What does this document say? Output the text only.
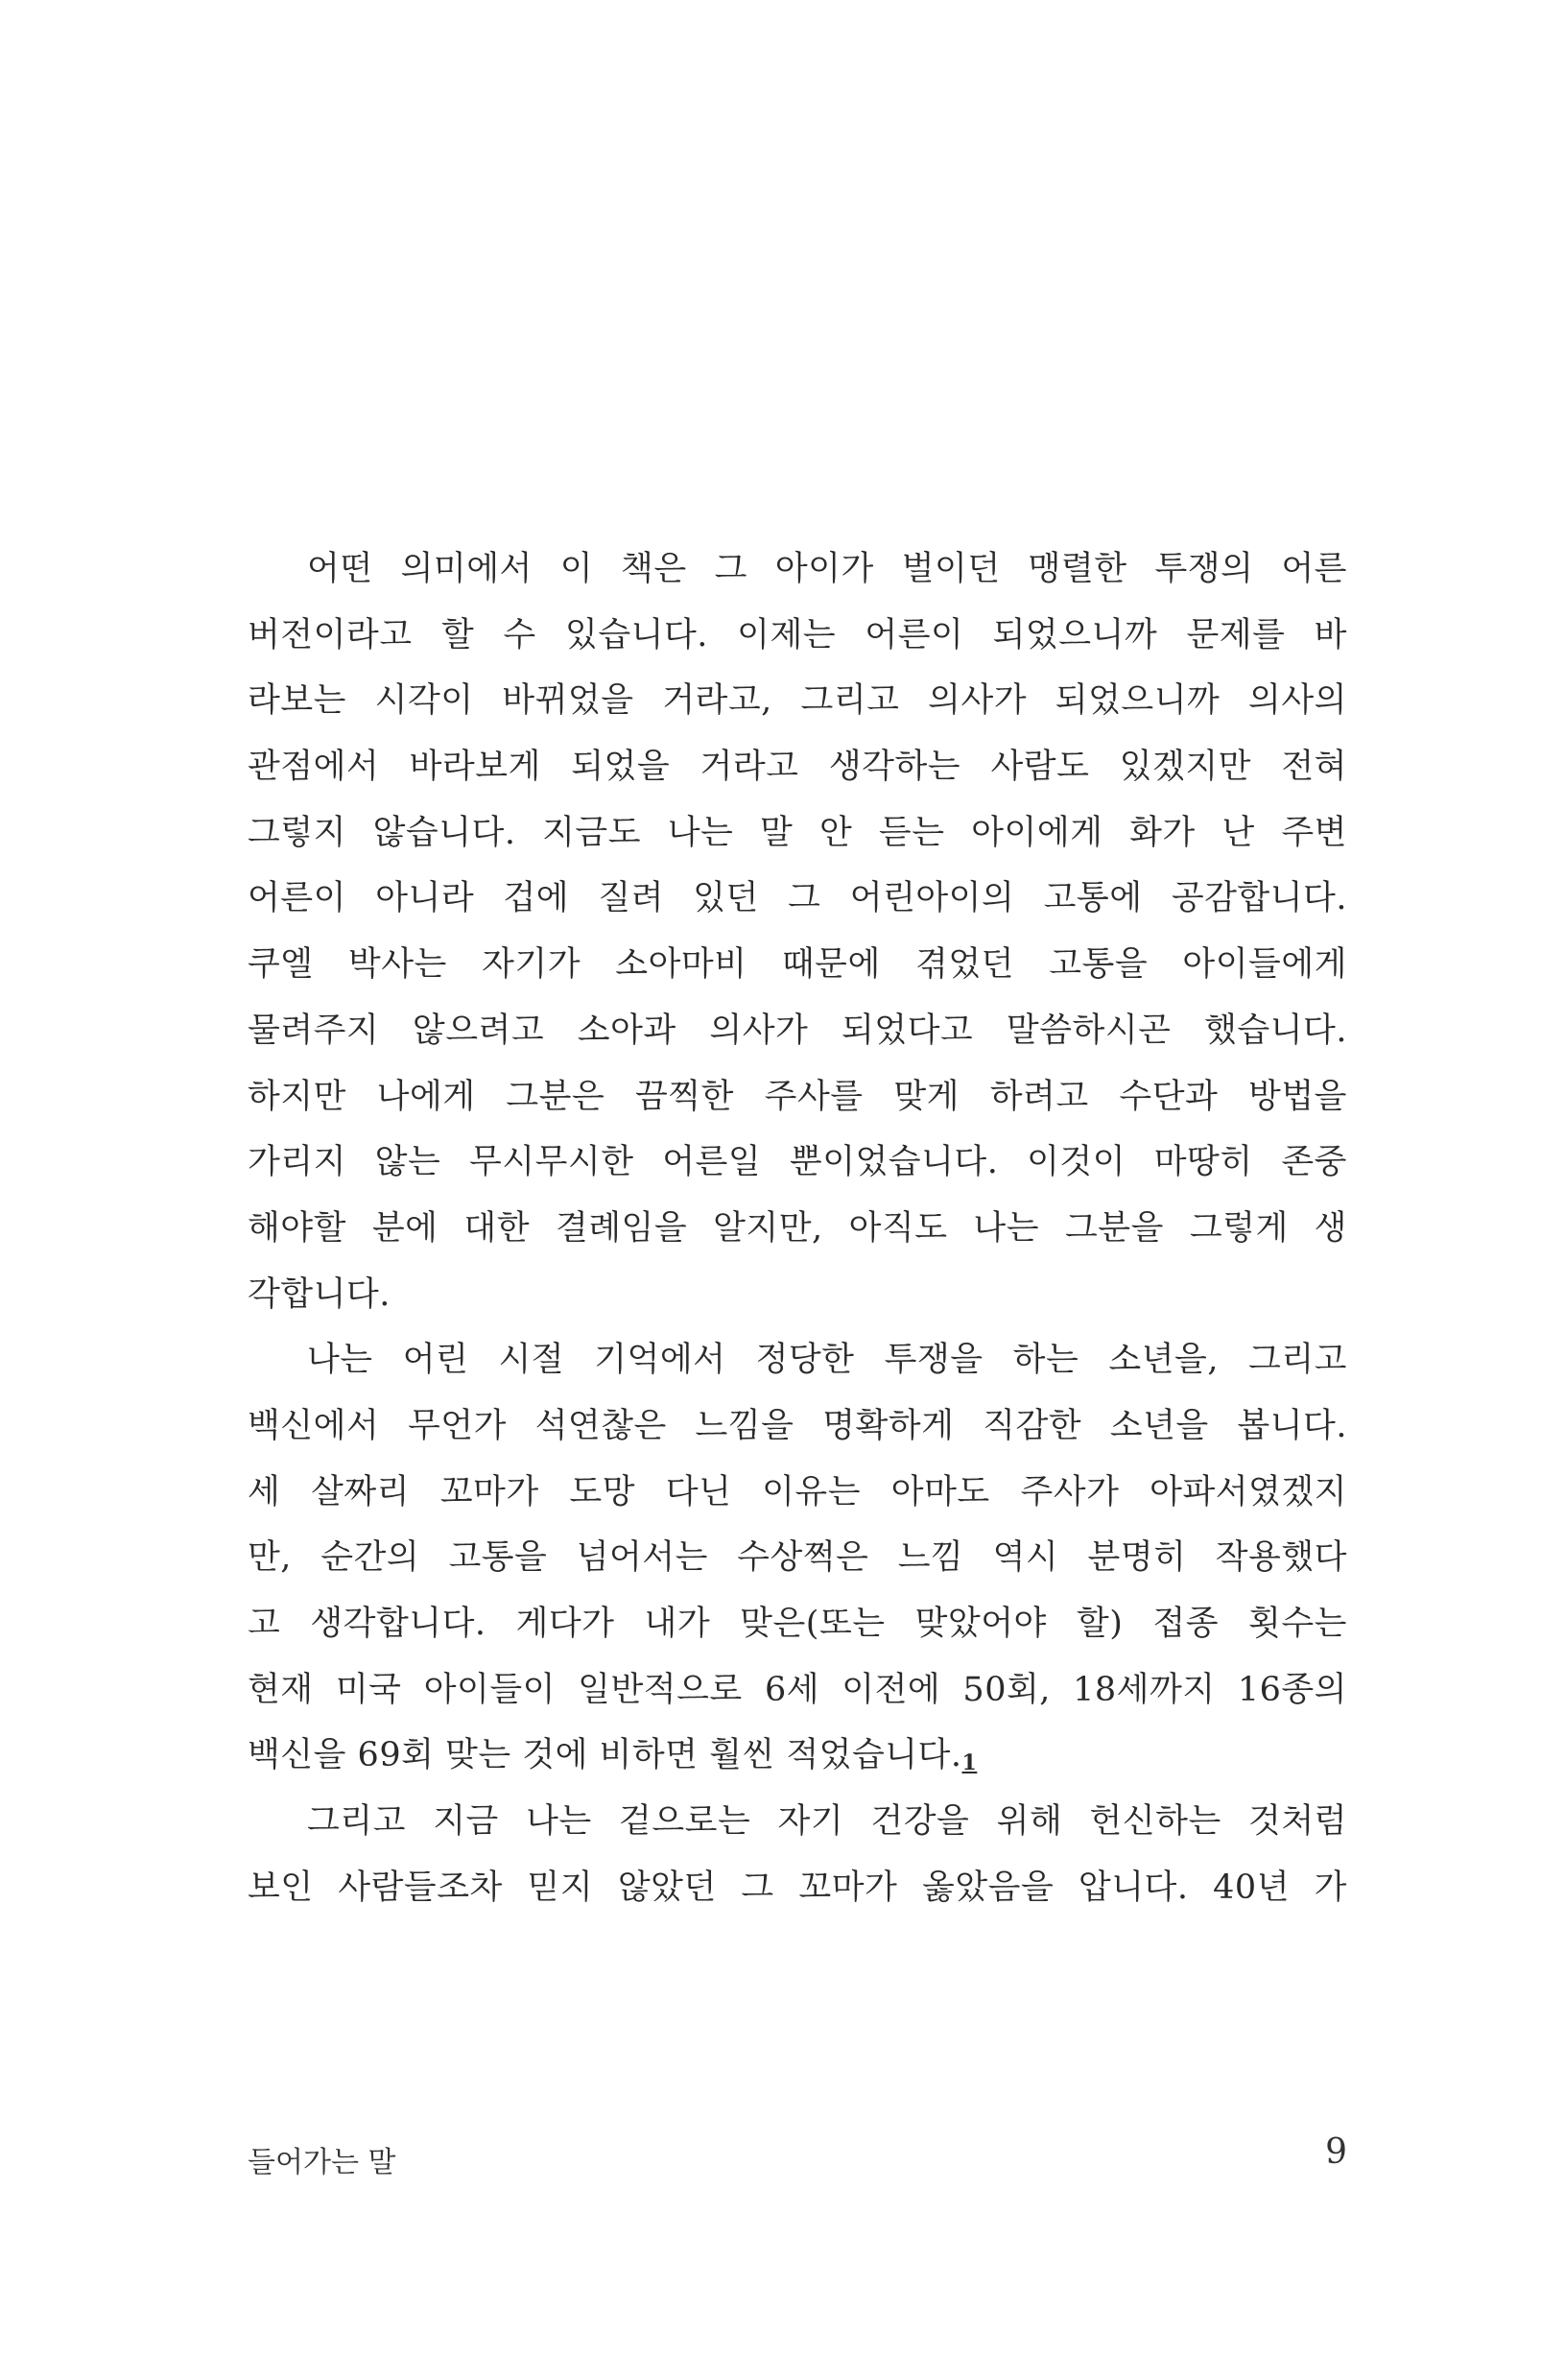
어떤 의미에서 이 책은 그 아이가 벌이던 맹렬한 투쟁의 어른
버전이라고 할 수 있습니다. 이제는 어른이 되었으니까 문제를 바
라보는 시각이 바뀌었을 거라고, 그리고 의사가 되었으니까 의사의
관점에서 바라보게 되었을 거라고 생각하는 사람도 있겠지만 전혀
그렇지 않습니다. 지금도 나는 말 안 듣는 아이에게 화가 난 주변
어른이 아니라 겁에 질려 있던 그 어린아이의 고통에 공감합니다.
쿠엘 박사는 자기가 소아마비 때문에 겪었던 고통을 아이들에게
물려주지 않으려고 소아과 의사가 되었다고 말씀하시곤 했습니다.
하지만 나에게 그분은 끔찍한 주사를 맞게 하려고 수단과 방법을
가리지 않는 무시무시한 어른일 뿐이었습니다. 이것이 마땅히 존중
해야할 분에 대한 결례임을 알지만, 아직도 나는 그분을 그렇게 생
각합니다.
나는 어린 시절 기억에서 정당한 투쟁을 하는 소년을, 그리고
백신에서 무언가 석연찮은 느낌을 명확하게 직감한 소년을 봅니다.
세 살짜리 꼬마가 도망 다닌 이유는 아마도 주사가 아파서였겠지
만, 순간의 고통을 넘어서는 수상쩍은 느낌 역시 분명히 작용했다
고 생각합니다. 게다가 내가 맞은(또는 맞았어야 할) 접종 횟수는
현재 미국 아이들이 일반적으로 6세 이전에 50회, 18세까지 16종의
백신을 69회 맞는 것에 비하면 훨씬 적었습니다.1
그리고 지금 나는 겉으로는 자기 건강을 위해 헌신하는 것처럼
보인 사람들조차 믿지 않았던 그 꼬마가 옳았음을 압니다. 40년 가
들어가는 말	9
